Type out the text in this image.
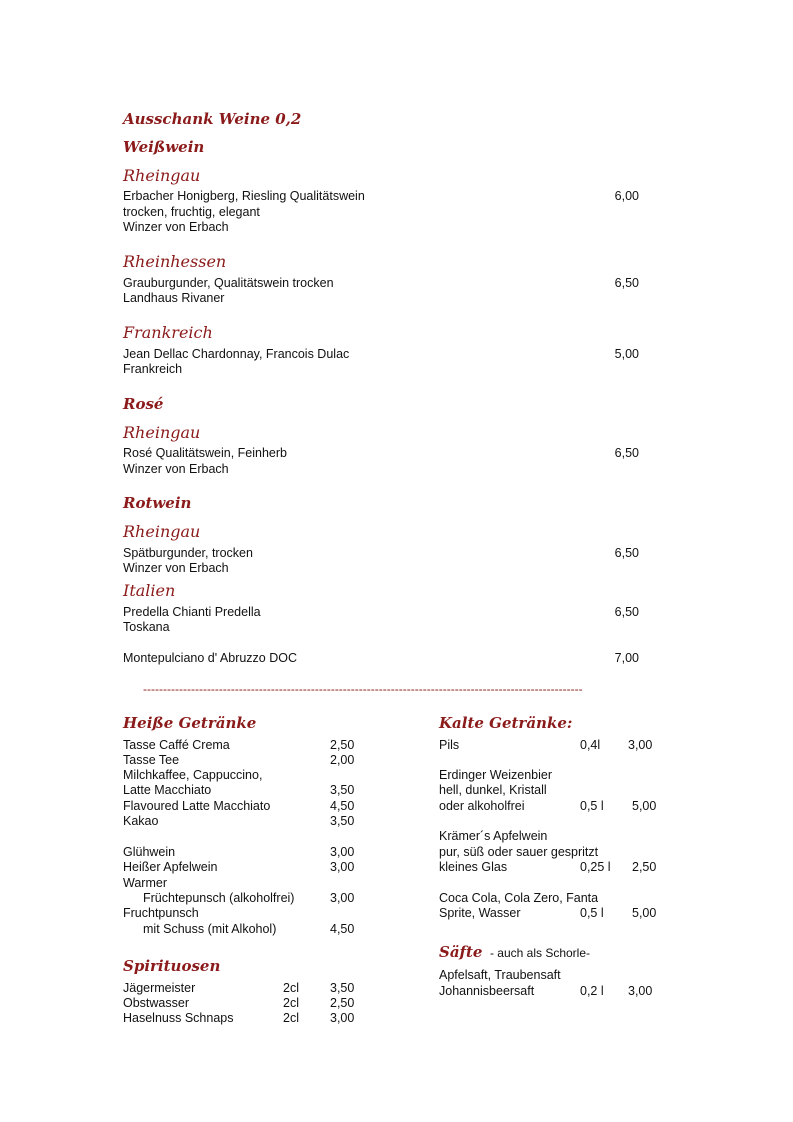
Ausschank Weine 0,2
Weißwein
Rheingau
Erbacher Honigberg, Riesling Qualitätswein
trocken, fruchtig, elegant
Winzer von Erbach
6,00
Rheinhessen
Grauburgunder, Qualitätswein trocken
Landhaus Rivaner
6,50
Frankreich
Jean Dellac Chardonnay, Francois Dulac
Frankreich
5,00
Rosé
Rheingau
Rosé Qualitätswein, Feinherb
Winzer von Erbach
6,50
Rotwein
Rheingau
Spätburgunder, trocken
Winzer von Erbach
6,50
Italien
Predella Chianti Predella
Toskana
6,50
Montepulciano d' Abruzzo DOC	7,00
--------------------------------------------------------------------------------------------------------------
Heiße Getränke
Tasse Caffé Crema	2,50
Tasse Tee	2,00
Milchkaffee, Cappuccino,
Latte Macchiato	3,50
Flavoured Latte Macchiato	4,50
Kakao	3,50
Glühwein	3,00
Heißer Apfelwein	3,00
Warmer
Früchtepunsch (alkoholfrei)	3,00
Fruchtpunsch
mit Schuss (mit Alkohol)	4,50
Spirituosen
Jägermeister	2cl 3,50
Obstwasser	2cl 2,50
Haselnuss Schnaps	2cl 3,00
Kalte Getränke:
Pils	0,4l 3,00
Erdinger Weizenbier
hell, dunkel, Kristall
oder alkoholfrei	0,5 l 5,00
Krämer´s Apfelwein
pur, süß oder sauer gespritzt
kleines Glas	0,25 l 2,50
Coca Cola, Cola Zero, Fanta
Sprite, Wasser	0,5 l 5,00
Säfte - auch als Schorle-
Apfelsaft, Traubensaft
Johannisbeersaft	0,2 l 3,00
